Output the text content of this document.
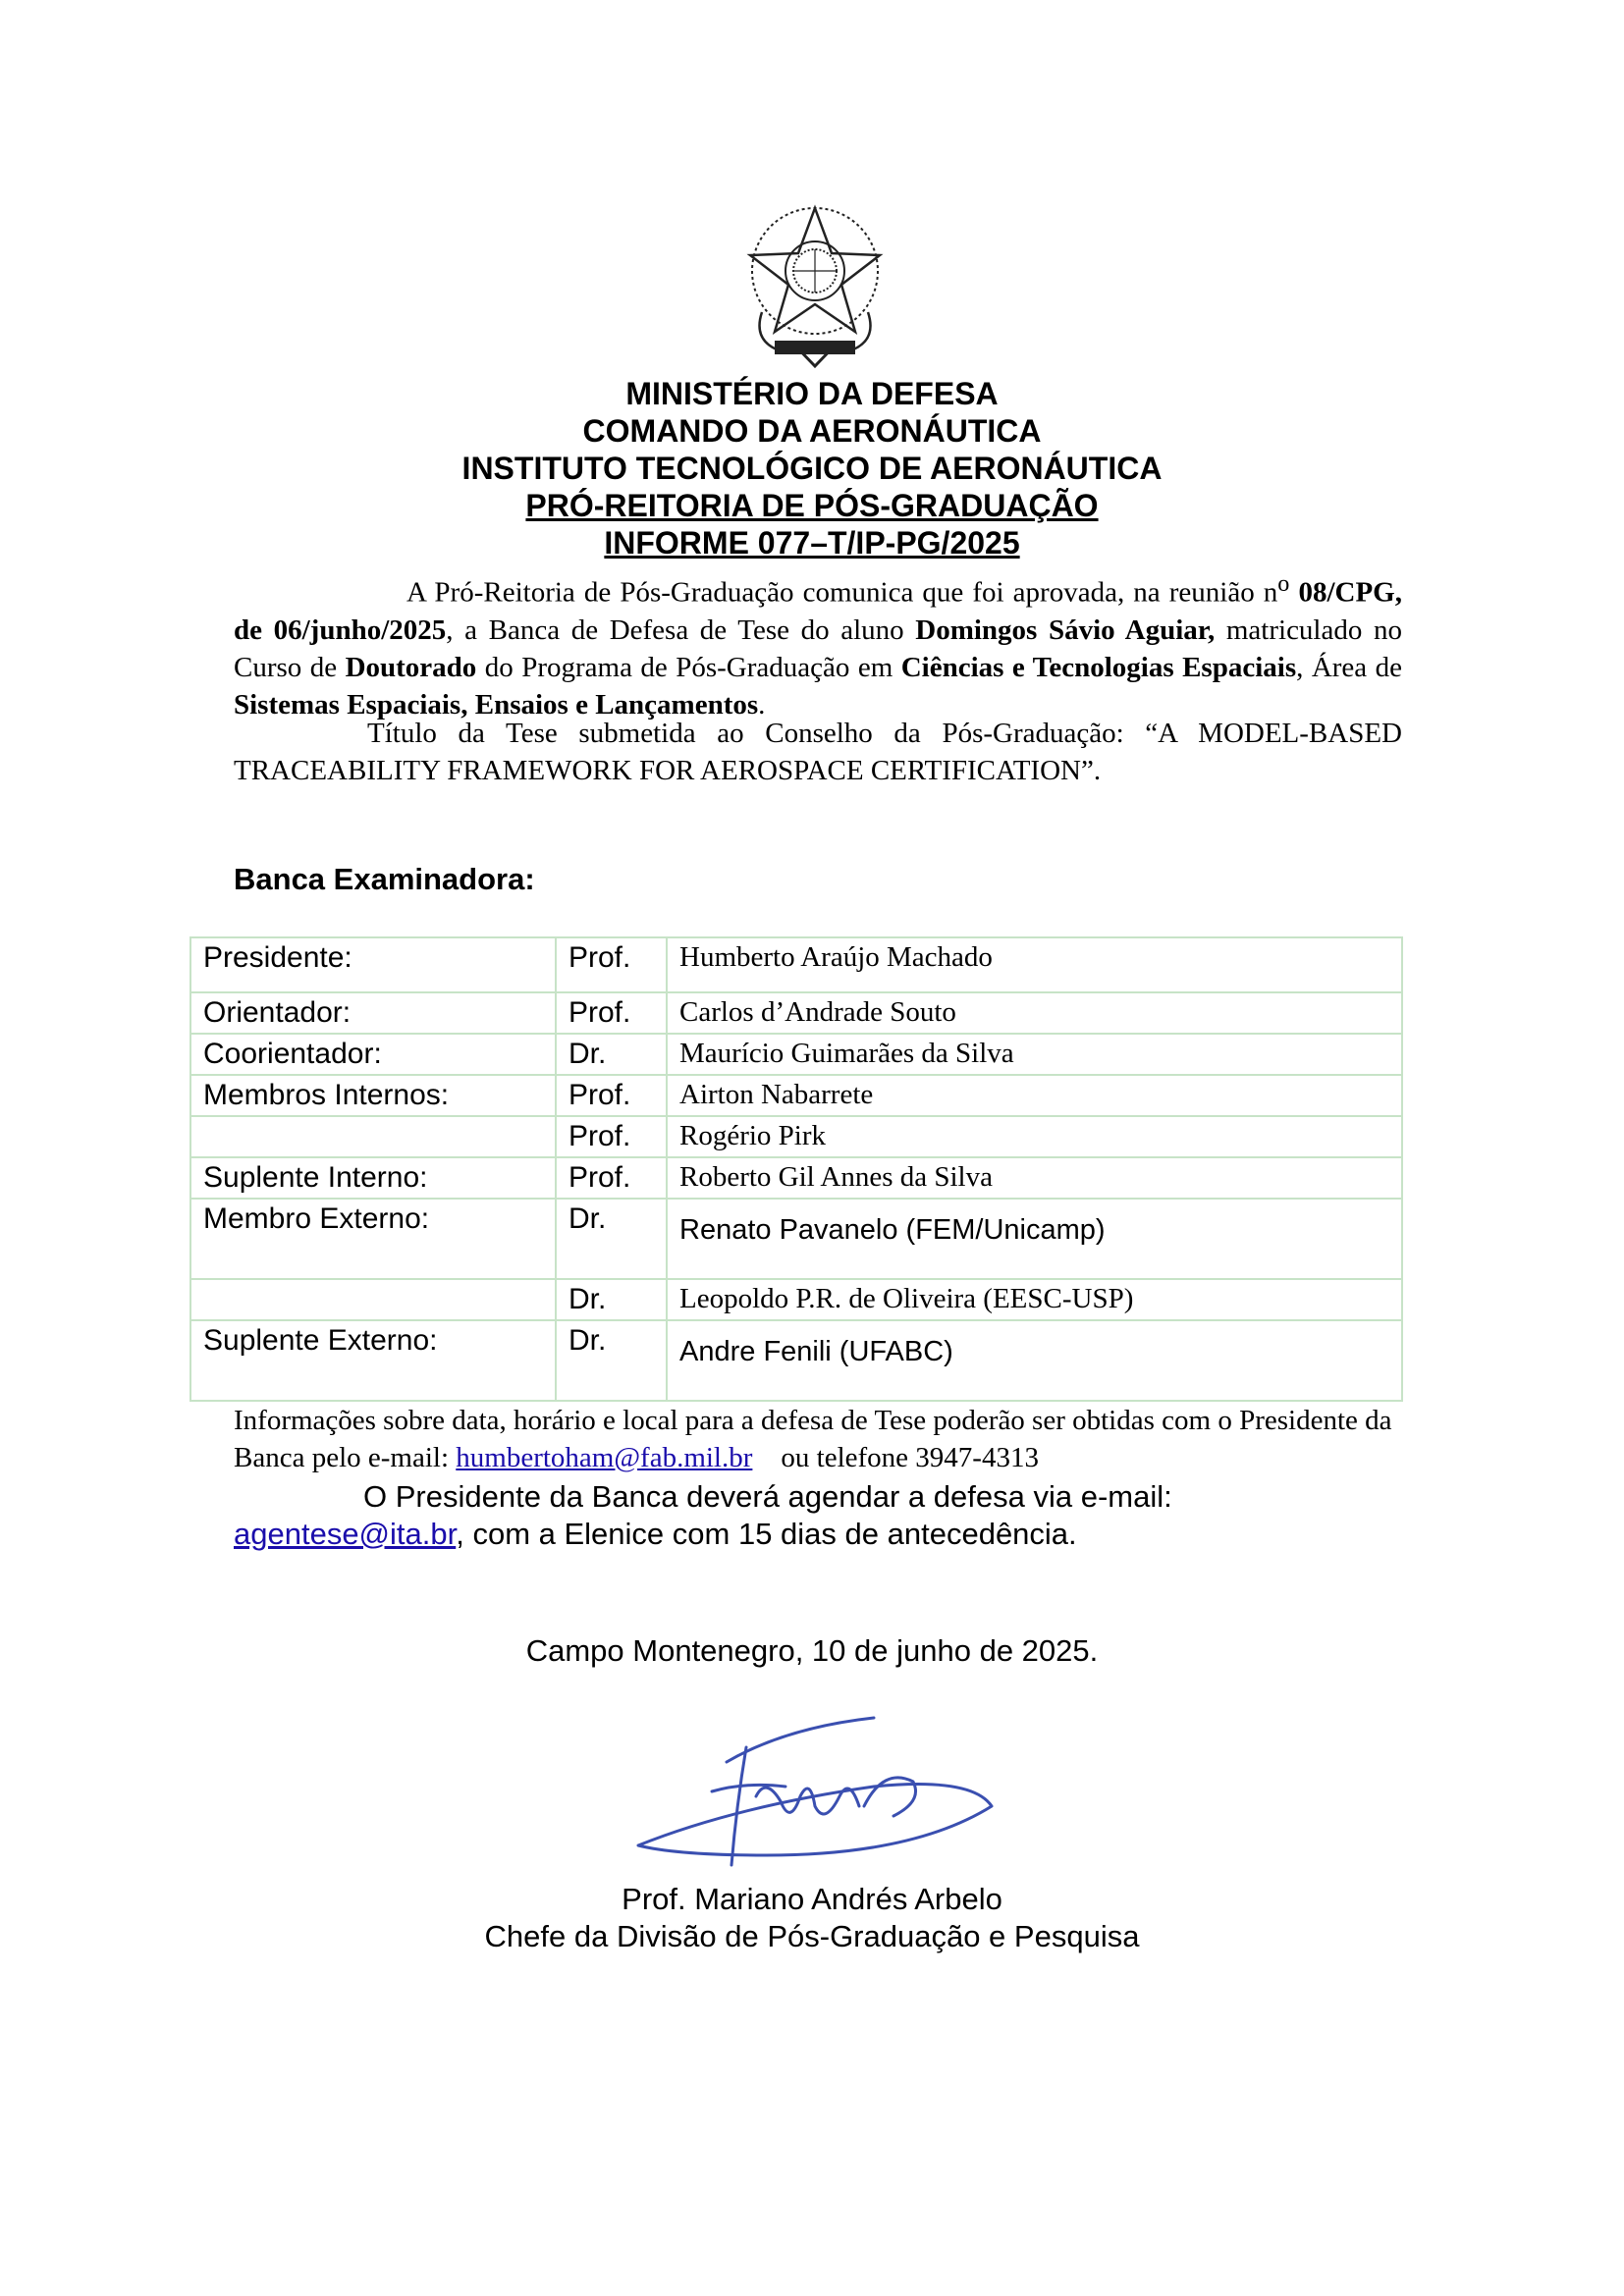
MINISTÉRIO DA DEFESA
COMANDO DA AERONÁUTICA
INSTITUTO TECNOLÓGICO DE AERONÁUTICA
PRÓ-REITORIA DE PÓS-GRADUAÇÃO
INFORME 077–T/IP-PG/2025

A Pró-Reitoria de Pós-Graduação comunica que foi aprovada, na reunião $n^o$ 08/CPG, de 06/junho/2025, a Banca de Defesa de Tese do aluno Domingos Sávio Aguiar, matriculado no Curso de Doutorado do Programa de Pós-Graduação em Ciências e Tecnologias Espaciais, Área de Sistemas Espaciais, Ensaios e Lançamentos.

Título da Tese submetida ao Conselho da Pós-Graduação: “A MODEL-BASED TRACEABILITY FRAMEWORK FOR AEROSPACE CERTIFICATION”.

Banca Examinadora:
Presidente:	Prof.	Humberto Araújo Machado
Orientador:	Prof.	Carlos d’Andrade Souto
Coorientador:	Dr.	Maurício Guimarães da Silva
Membros Internos:	Prof.	Airton Nabarrete
	Prof.	Rogério Pirk
Suplente Interno:	Prof.	Roberto Gil Annes da Silva
Membro Externo:	Dr.	Renato Pavanelo (FEM/Unicamp)
	Dr.	Leopoldo P.R. de Oliveira (EESC-USP)
Suplente Externo:	Dr.	Andre Fenili (UFABC)

Informações sobre data, horário e local para a defesa de Tese poderão ser obtidas com o Presidente da Banca pelo e-mail: humbertoham@fab.mil.br    ou telefone 3947-4313

O Presidente da Banca deverá agendar a defesa via e-mail:
agentese@ita.br, com a Elenice com 15 dias de antecedência.

Campo Montenegro, 10 de junho de 2025.
Prof. Mariano Andrés Arbelo
Chefe da Divisão de Pós-Graduação e Pesquisa
